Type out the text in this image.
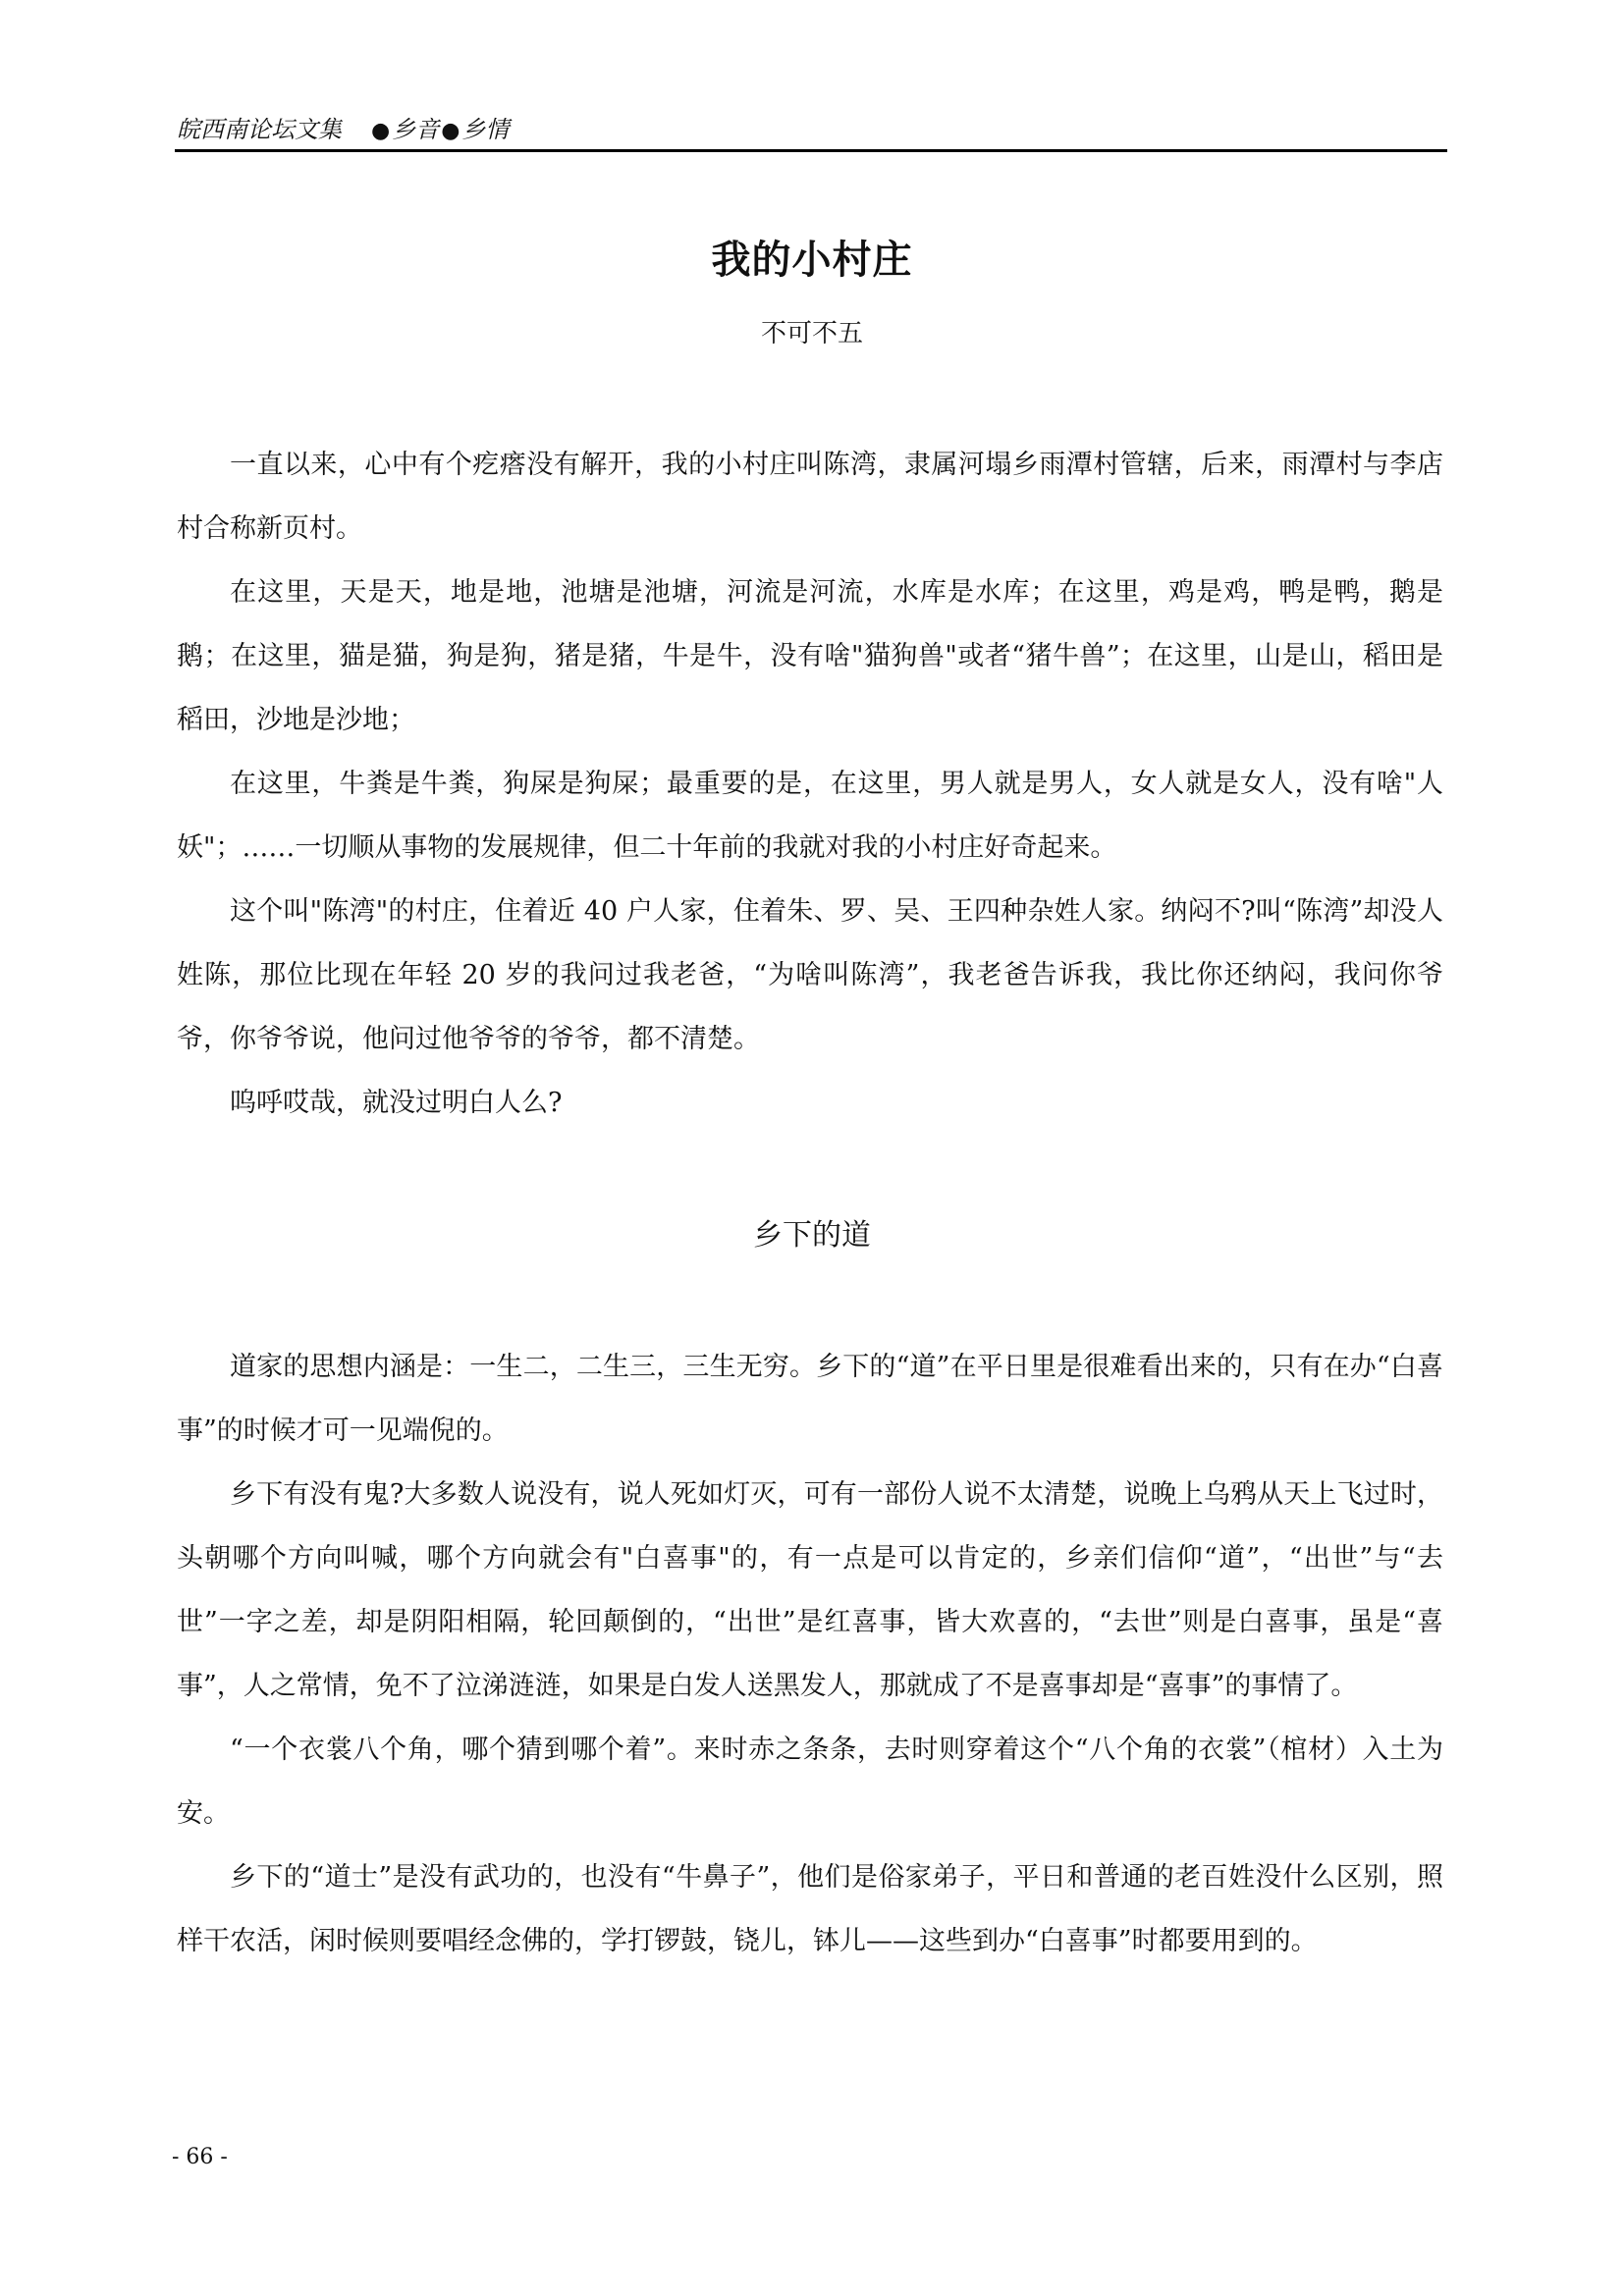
皖西南论坛文集 ●乡音●乡情
我的小村庄
不可不五

一直以来，心中有个疙瘩没有解开，我的小村庄叫陈湾，隶属河塌乡雨潭村管辖，后来，雨潭村与李店村合称新页村。

在这里，天是天，地是地，池塘是池塘，河流是河流，水库是水库；在这里，鸡是鸡，鸭是鸭，鹅是鹅；在这里，猫是猫，狗是狗，猪是猪，牛是牛，没有啥"猫狗兽"或者“猪牛兽”；在这里，山是山，稻田是稻田，沙地是沙地；

在这里，牛粪是牛粪，狗屎是狗屎；最重要的是，在这里，男人就是男人，女人就是女人，没有啥"人妖"；……一切顺从事物的发展规律，但二十年前的我就对我的小村庄好奇起来。

这个叫"陈湾"的村庄，住着近 40 户人家，住着朱、罗、吴、王四种杂姓人家。纳闷不?叫“陈湾”却没人姓陈，那位比现在年轻 20 岁的我问过我老爸，“为啥叫陈湾”，我老爸告诉我，我比你还纳闷，我问你爷爷，你爷爷说，他问过他爷爷的爷爷，都不清楚。

呜呼哎哉，就没过明白人么?

乡下的道

道家的思想内涵是：一生二，二生三，三生无穷。乡下的“道”在平日里是很难看出来的，只有在办“白喜事”的时候才可一见端倪的。

乡下有没有鬼?大多数人说没有，说人死如灯灭，可有一部份人说不太清楚，说晚上乌鸦从天上飞过时，头朝哪个方向叫喊，哪个方向就会有"白喜事"的，有一点是可以肯定的，乡亲们信仰“道”，“出世”与“去世”一字之差，却是阴阳相隔，轮回颠倒的，“出世”是红喜事，皆大欢喜的，“去世”则是白喜事，虽是“喜事”，人之常情，免不了泣涕涟涟，如果是白发人送黑发人，那就成了不是喜事却是“喜事”的事情了。

“一个衣裳八个角，哪个猜到哪个着”。来时赤之条条，去时则穿着这个“八个角的衣裳”（棺材）入土为安。

乡下的“道士”是没有武功的，也没有“牛鼻子”，他们是俗家弟子，平日和普通的老百姓没什么区别，照样干农活，闲时候则要唱经念佛的，学打锣鼓，铙儿，钵儿——这些到办“白喜事”时都要用到的。

- 66 -
